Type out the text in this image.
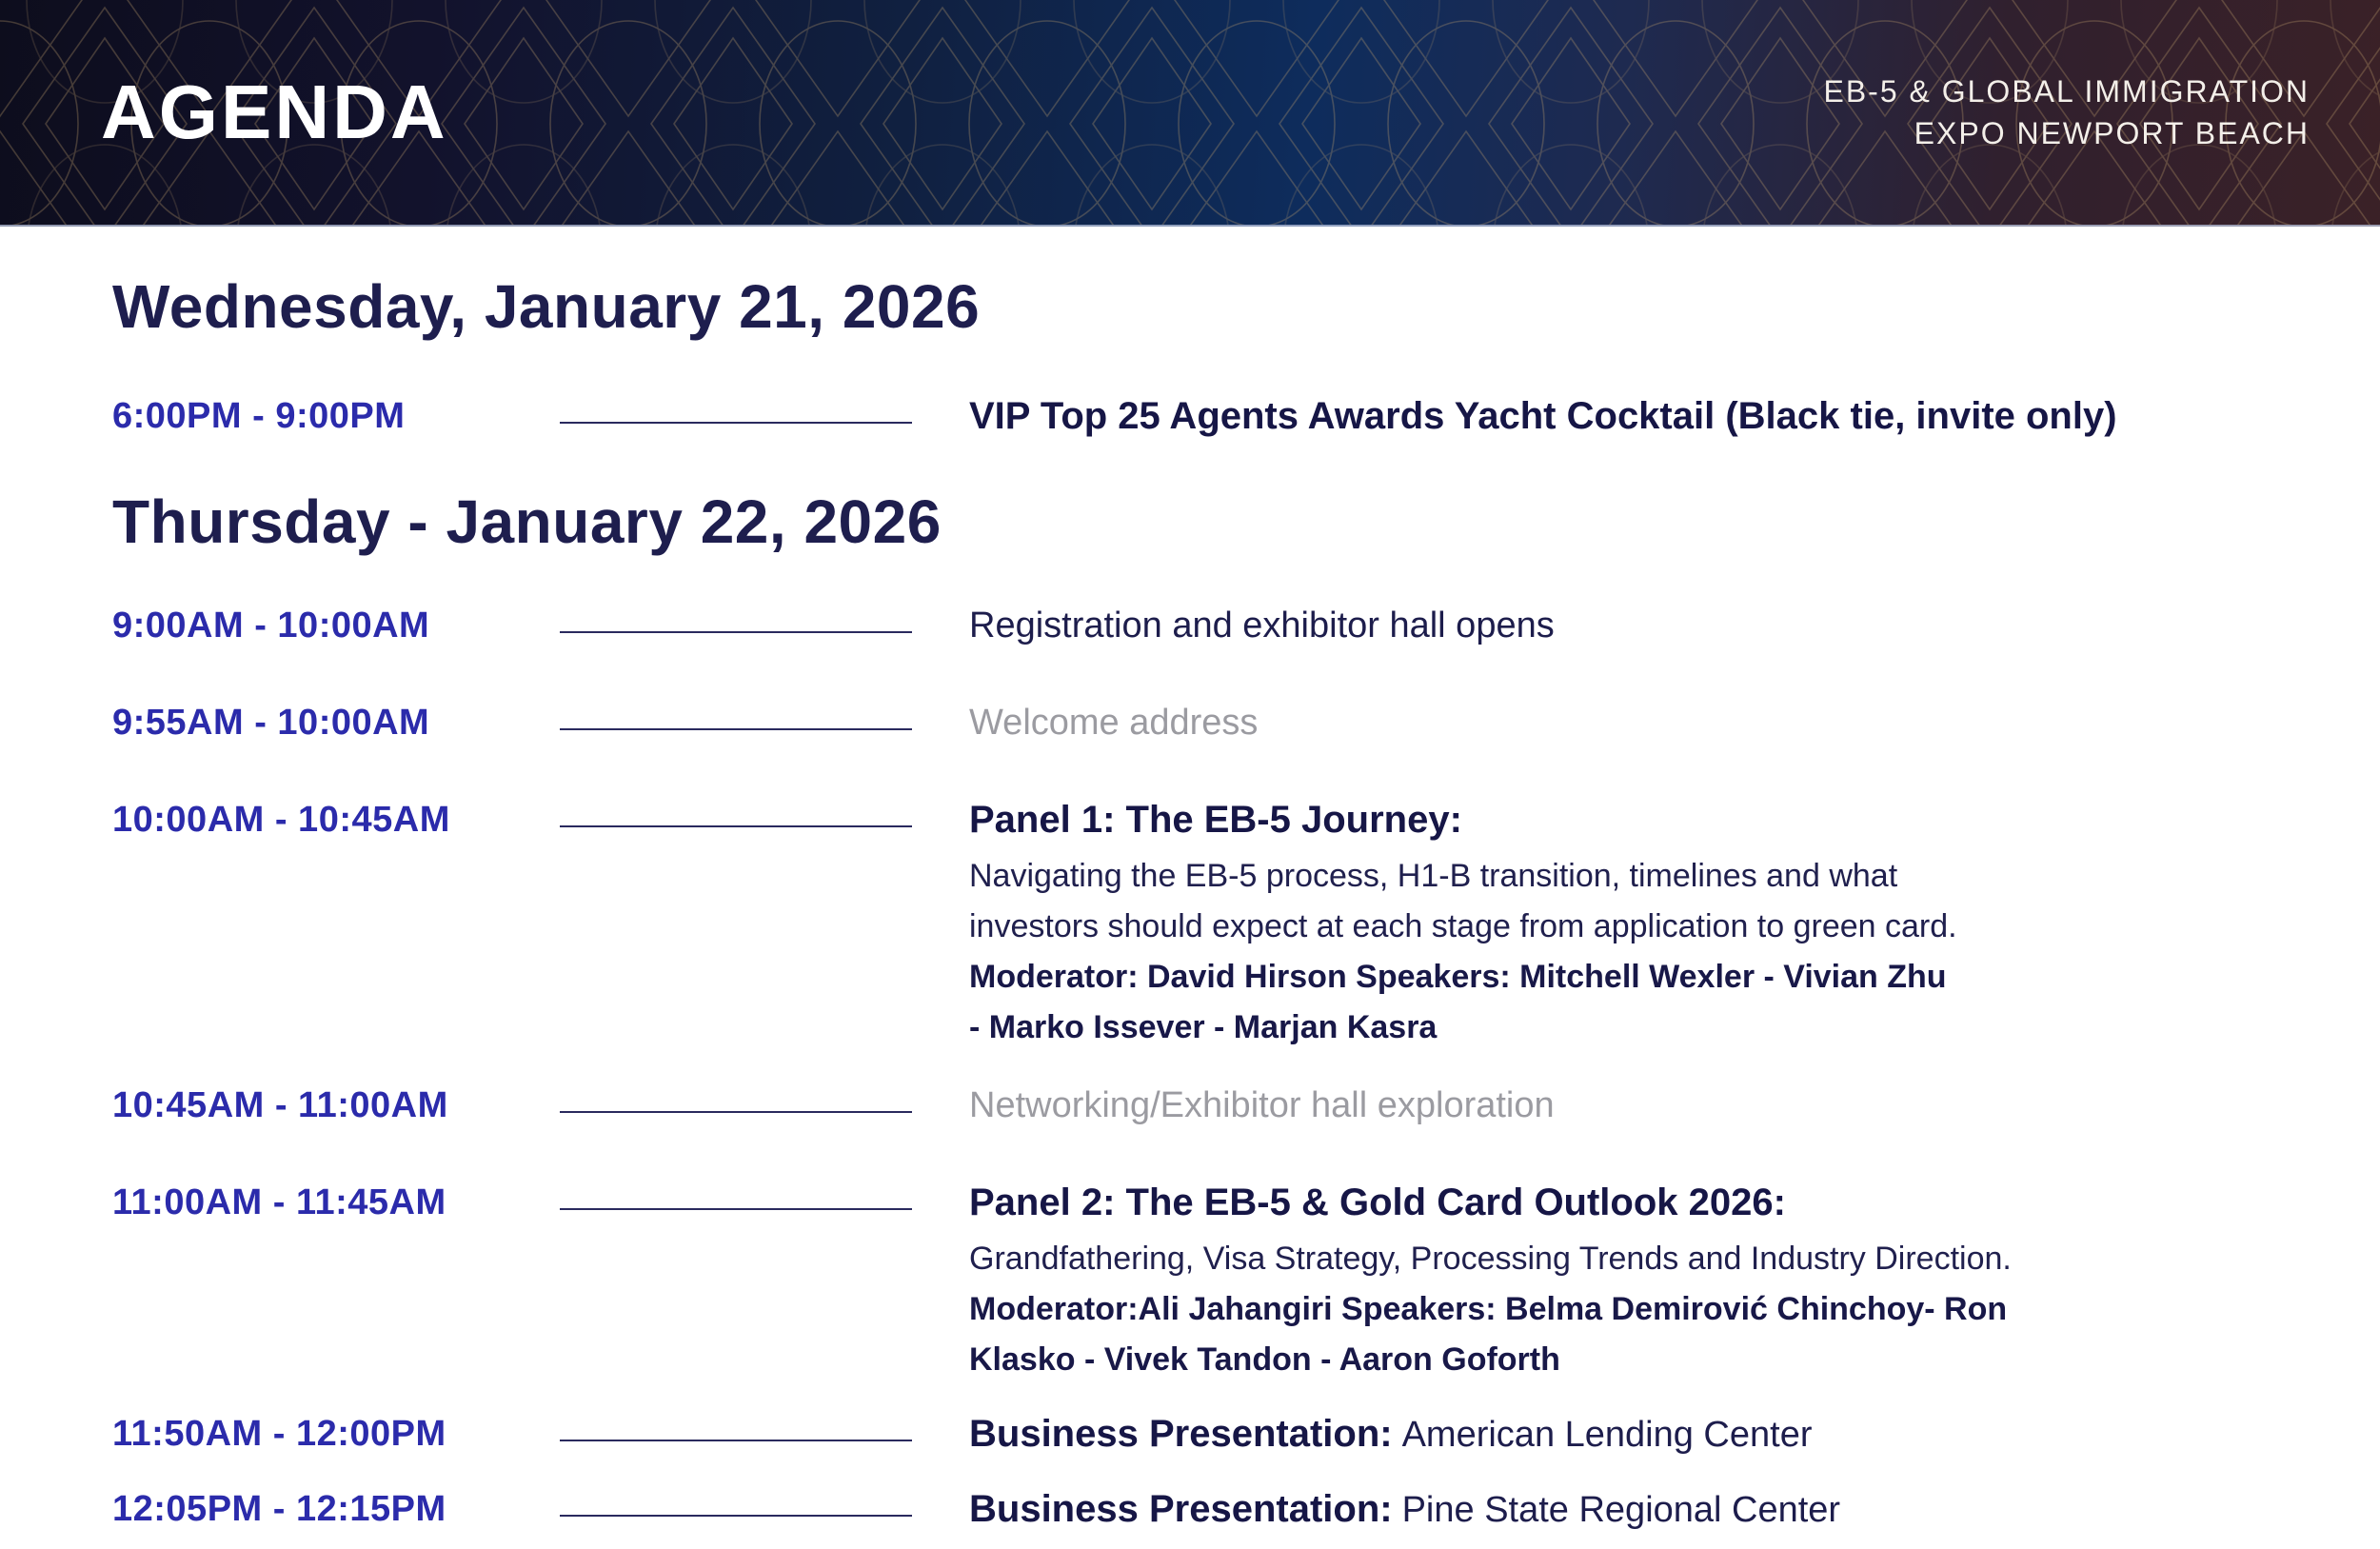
AGENDA	EB-5 & GLOBAL IMMIGRATION
EXPO NEWPORT BEACH
Wednesday, January 21, 2026
6:00PM - 9:00PM	VIP Top 25 Agents Awards Yacht Cocktail (Black tie, invite only)
Thursday - January 22, 2026
9:00AM - 10:00AM	Registration and exhibitor hall opens
9:55AM - 10:00AM	Welcome address
10:00AM - 10:45AM	Panel 1: The EB-5 Journey:
Navigating the EB-5 process, H1-B transition, timelines and what
investors should expect at each stage from application to green card.
Moderator: David Hirson Speakers: Mitchell Wexler - Vivian Zhu
- Marko Issever - Marjan Kasra
10:45AM - 11:00AM	Networking/Exhibitor hall exploration
11:00AM - 11:45AM	Panel 2: The EB-5 & Gold Card Outlook 2026:
Grandfathering, Visa Strategy, Processing Trends and Industry Direction.
Moderator:Ali Jahangiri Speakers: Belma Demirović Chinchoy- Ron
Klasko - Vivek Tandon - Aaron Goforth
11:50AM - 12:00PM	Business Presentation: American Lending Center
12:05PM - 12:15PM	Business Presentation: Pine State Regional Center
